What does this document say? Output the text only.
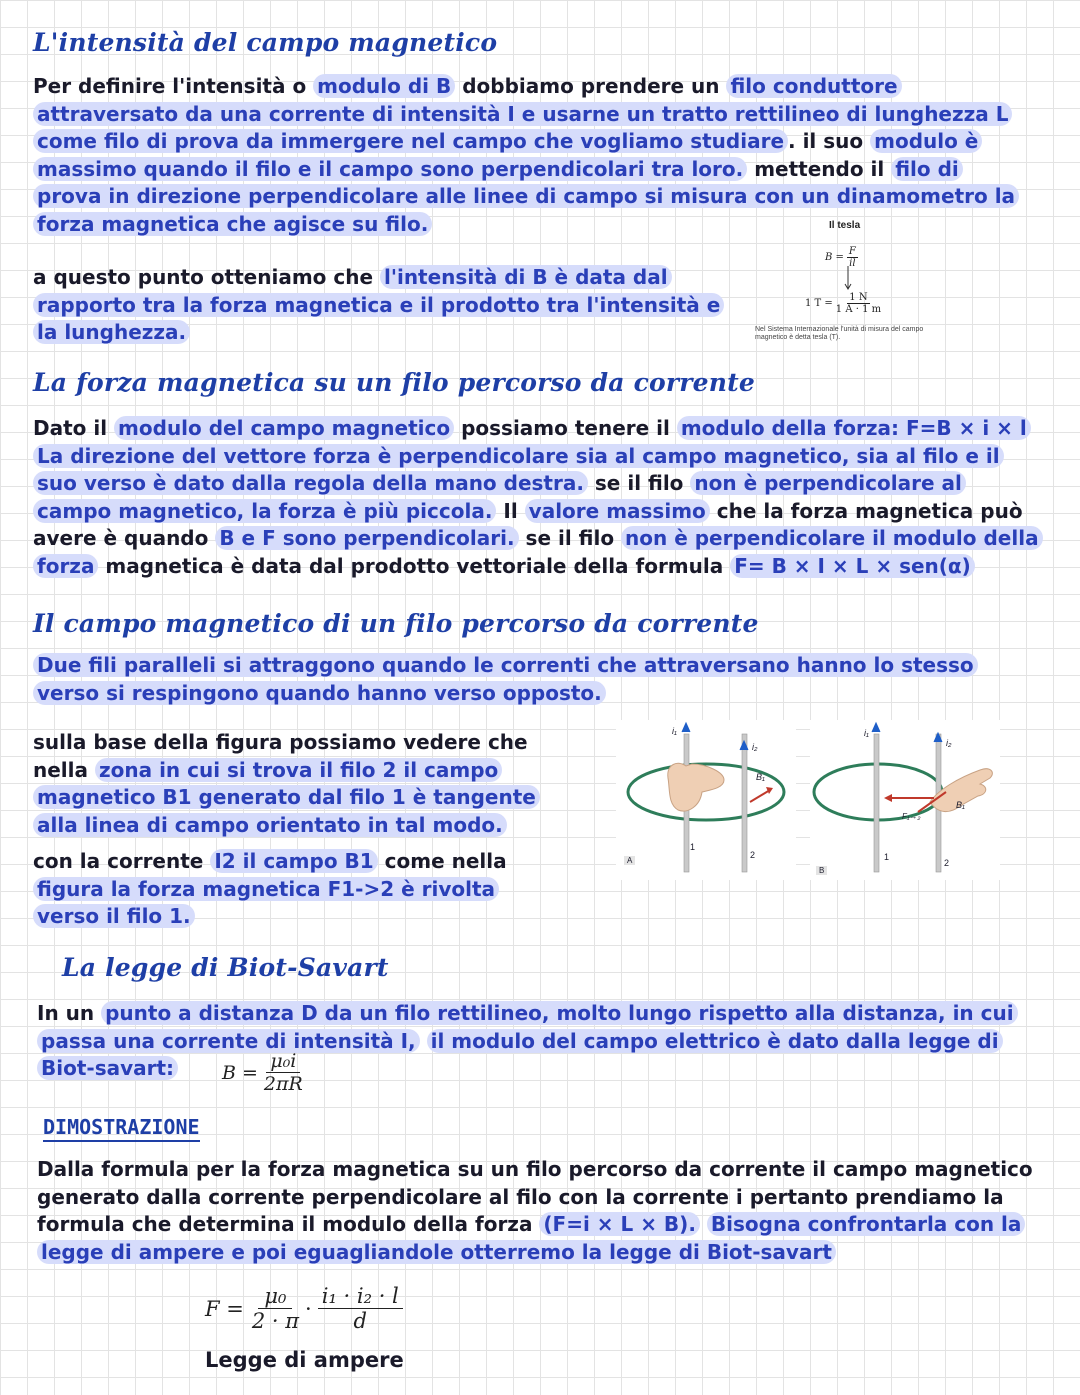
L'intensità del campo magnetico

Per definire l'intensità o modulo di B dobbiamo prendere un filo conduttore attraversato da una corrente di intensità I e usarne un tratto rettilineo di lunghezza L come filo di prova da immergere nel campo che vogliamo studiare . il suo modulo è massimo quando il filo e il campo sono perpendicolari tra loro. mettendo il filo di prova in direzione perpendicolare alle linee di campo si misura con un dinamometro la forza magnetica che agisce su filo.

a questo punto otteniamo che l'intensità di B è data dal rapporto tra la forza magnetica e il prodotto tra l'intensità e la lunghezza.

Il tesla
$B = \frac{F}{il}$
1 $T = \frac{1 N}{1 A \cdot 1 m}$
Nel Sistema Internazionale l'unità di misura del campo magnetico è detta tesla (T).
La forza magnetica su un filo percorso da corrente

Dato il modulo del campo magnetico possiamo tenere il modulo della forza: F=B × i × l La direzione del vettore forza è perpendicolare sia al campo magnetico, sia al filo e il suo verso è dato dalla regola della mano destra. se il filo non è perpendicolare al campo magnetico, la forza è più piccola. Il valore massimo che la forza magnetica può avere è quando B e F sono perpendicolari. se il filo non è perpendicolare il modulo della forza magnetica è data dal prodotto vettoriale della formula F= B × I × L × sen(α)

Il campo magnetico di un filo percorso da corrente

Due fili paralleli si attraggono quando le correnti che attraversano hanno lo stesso verso si respingono quando hanno verso opposto.

sulla base della figura possiamo vedere che nella zona in cui si trova il filo 2 il campo magnetico B1 generato dal filo 1 è tangente alla linea di campo orientato in tal modo.

con la corrente I2 il campo B1 come nella figura la forza magnetica F1->2 è rivolta verso il filo 1.

i₁
i₂
B₁
1
2
A
i₁
i₂
B₁
F₁→₂
1
2
B
La legge di Biot-Savart

In un punto a distanza D da un filo rettilineo, molto lungo rispetto alla distanza, in cui passa una corrente di intensità I, il modulo del campo elettrico è dato dalla legge di Biot-savart:	$B = \frac{\text{μ₀i}}{2\pi R}$
DIMOSTRAZIONE

Dalla formula per la forza magnetica su un filo percorso da corrente il campo magnetico generato dalla corrente perpendicolare al filo con la corrente i pertanto prendiamo la formula che determina il modulo della forza (F=i × L × B). Bisogna confrontarla con la legge di ampere e poi eguagliandole otterremo la legge di Biot-savart

$F = \frac{\text{μ₀}}{2 \cdot \pi}$ ·
i₁ · i₂ · l
d
Legge di ampere
